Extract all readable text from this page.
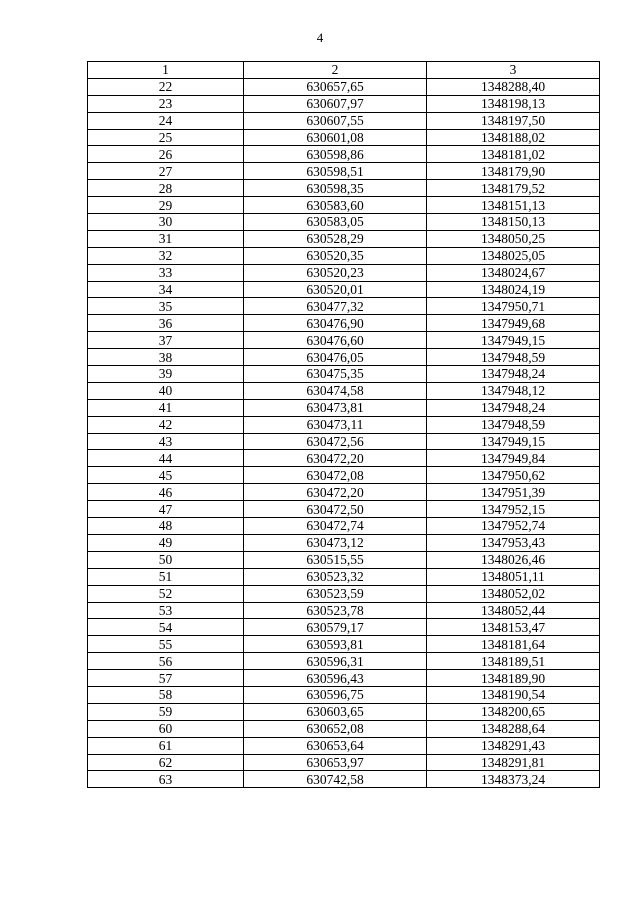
4
1	2	3
22	630657,65	1348288,40
23	630607,97	1348198,13
24	630607,55	1348197,50
25	630601,08	1348188,02
26	630598,86	1348181,02
27	630598,51	1348179,90
28	630598,35	1348179,52
29	630583,60	1348151,13
30	630583,05	1348150,13
31	630528,29	1348050,25
32	630520,35	1348025,05
33	630520,23	1348024,67
34	630520,01	1348024,19
35	630477,32	1347950,71
36	630476,90	1347949,68
37	630476,60	1347949,15
38	630476,05	1347948,59
39	630475,35	1347948,24
40	630474,58	1347948,12
41	630473,81	1347948,24
42	630473,11	1347948,59
43	630472,56	1347949,15
44	630472,20	1347949,84
45	630472,08	1347950,62
46	630472,20	1347951,39
47	630472,50	1347952,15
48	630472,74	1347952,74
49	630473,12	1347953,43
50	630515,55	1348026,46
51	630523,32	1348051,11
52	630523,59	1348052,02
53	630523,78	1348052,44
54	630579,17	1348153,47
55	630593,81	1348181,64
56	630596,31	1348189,51
57	630596,43	1348189,90
58	630596,75	1348190,54
59	630603,65	1348200,65
60	630652,08	1348288,64
61	630653,64	1348291,43
62	630653,97	1348291,81
63	630742,58	1348373,24
